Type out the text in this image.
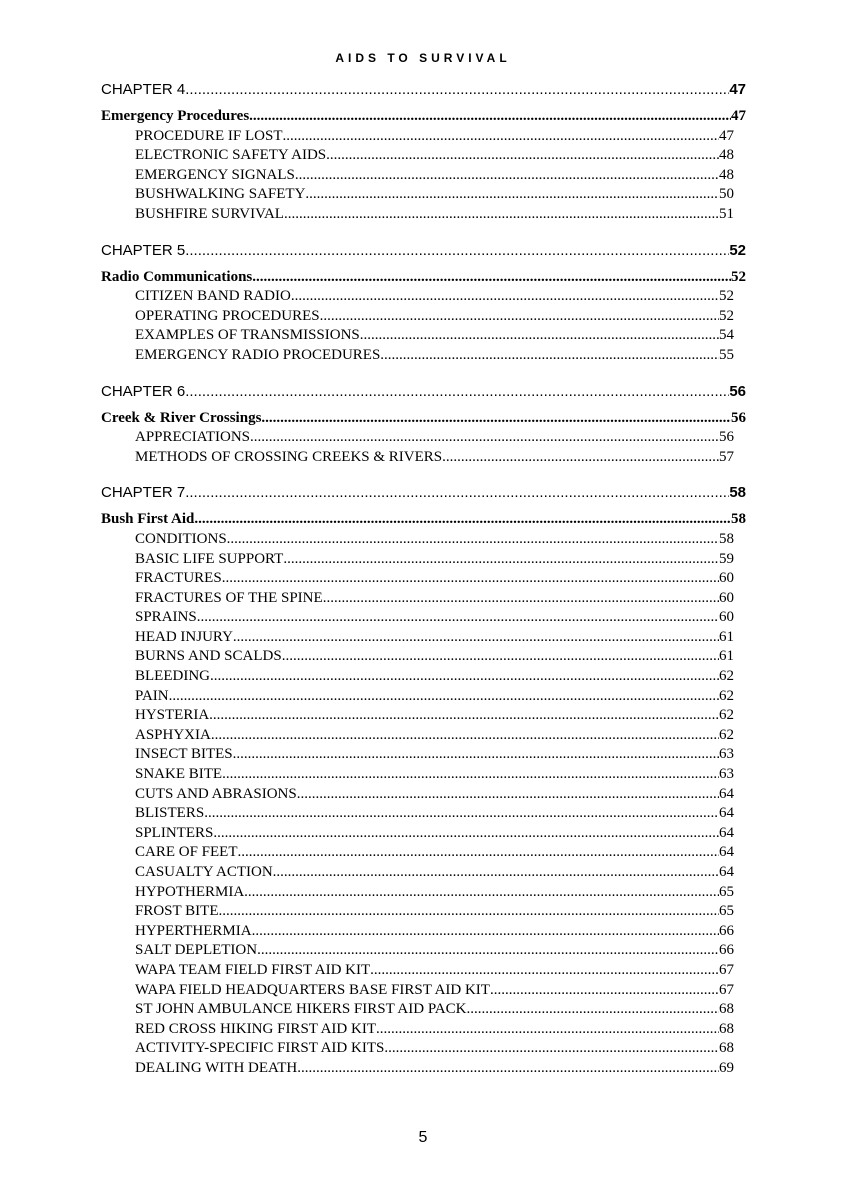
AIDS TO SURVIVAL
CHAPTER 4 .....	47
Emergency Procedures .....	47
PROCEDURE IF LOST .....	47
ELECTRONIC SAFETY AIDS .....	48
EMERGENCY SIGNALS .....	48
BUSHWALKING SAFETY .....	50
BUSHFIRE SURVIVAL .....	51
CHAPTER 5 .....	52
Radio Communications .....	52
CITIZEN BAND RADIO .....	52
OPERATING PROCEDURES .....	52
EXAMPLES OF TRANSMISSIONS .....	54
EMERGENCY RADIO PROCEDURES .....	55
CHAPTER 6 .....	56
Creek & River Crossings .....	56
APPRECIATIONS .....	56
METHODS OF CROSSING CREEKS & RIVERS .....	57
CHAPTER 7 .....	58
Bush First Aid .....	58
CONDITIONS .....	58
BASIC LIFE SUPPORT .....	59
FRACTURES .....	60
FRACTURES OF THE SPINE .....	60
SPRAINS .....	60
HEAD INJURY .....	61
BURNS AND SCALDS .....	61
BLEEDING .....	62
PAIN .....	62
HYSTERIA .....	62
ASPHYXIA .....	62
INSECT BITES .....	63
SNAKE BITE .....	63
CUTS AND ABRASIONS .....	64
BLISTERS .....	64
SPLINTERS .....	64
CARE OF FEET .....	64
CASUALTY ACTION .....	64
HYPOTHERMIA .....	65
FROST BITE .....	65
HYPERTHERMIA .....	66
SALT DEPLETION .....	66
WAPA TEAM FIELD FIRST AID KIT .....	67
WAPA FIELD HEADQUARTERS BASE FIRST AID KIT .....	67
ST JOHN AMBULANCE HIKERS FIRST AID PACK .....	68
RED CROSS HIKING FIRST AID KIT .....	68
ACTIVITY-SPECIFIC FIRST AID KITS .....	68
DEALING WITH DEATH .....	69
5
